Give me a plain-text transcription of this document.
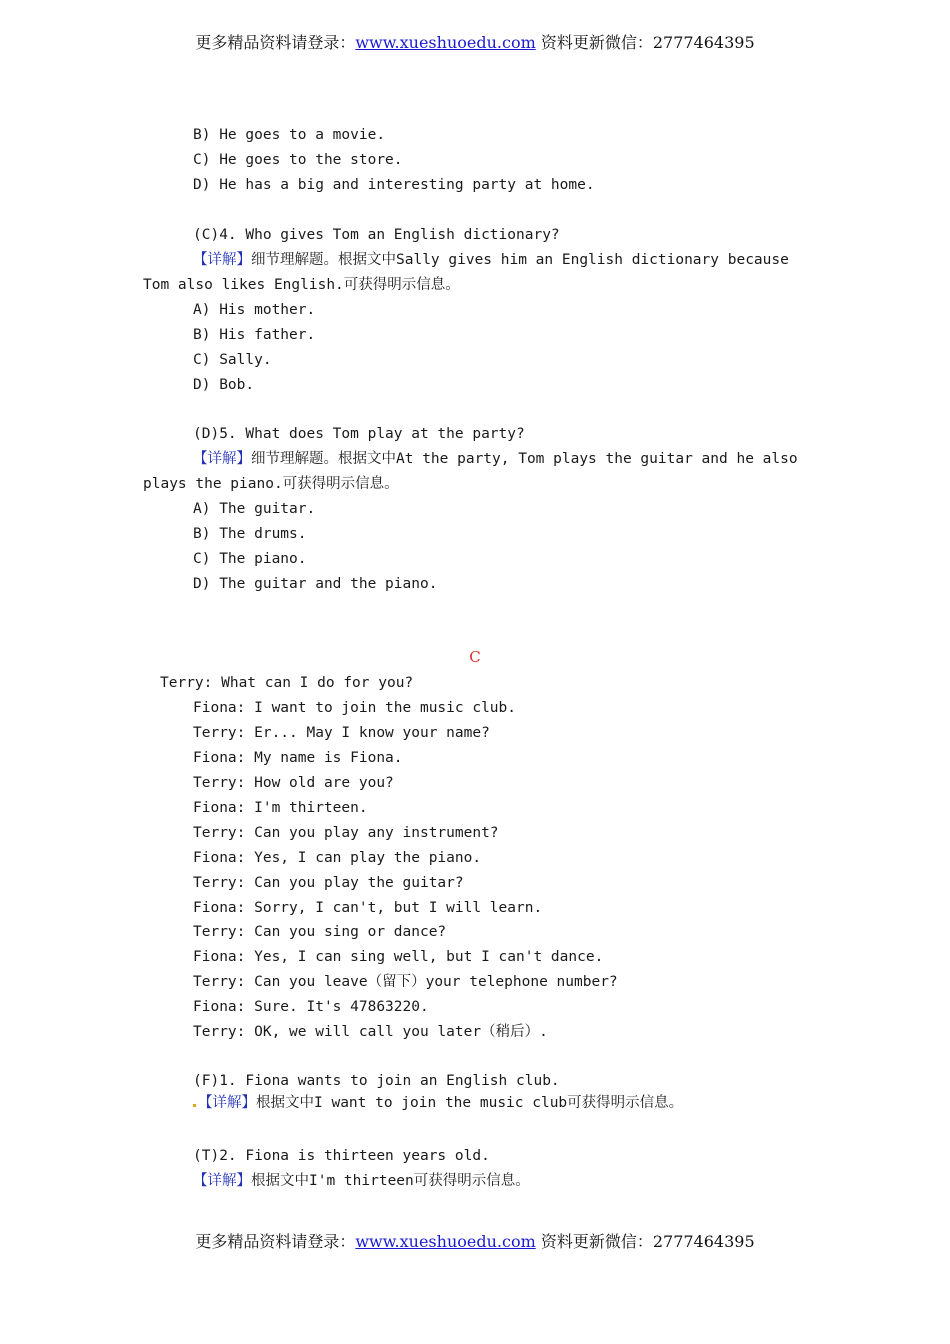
更多精品资料请登录：www.xueshuoedu.com 资料更新微信：2777464395
B) He goes to a movie.
C) He goes to the store.
D) He has a big and interesting party at home.
(C)4. Who gives Tom an English dictionary?
【详解】细节理解题。根据文中Sally gives him an English dictionary because
Tom also likes English.可获得明示信息。
A) His mother.
B) His father.
C) Sally.
D) Bob.
(D)5. What does Tom play at the party?
【详解】细节理解题。根据文中At the party, Tom plays the guitar and he also
plays the piano.可获得明示信息。
A) The guitar.
B) The drums.
C) The piano.
D) The guitar and the piano.
C
Terry: What can I do for you?
Fiona: I want to join the music club.
Terry: Er... May I know your name?
Fiona: My name is Fiona.
Terry: How old are you?
Fiona: I'm thirteen.
Terry: Can you play any instrument?
Fiona: Yes, I can play the piano.
Terry: Can you play the guitar?
Fiona: Sorry, I can't, but I will learn.
Terry: Can you sing or dance?
Fiona: Yes, I can sing well, but I can't dance.
Terry: Can you leave（留下）your telephone number?
Fiona: Sure. It's 47863220.
Terry: OK, we will call you later（稍后）.
(F)1. Fiona wants to join an English club.
【详解】根据文中I want to join the music club可获得明示信息。
(T)2. Fiona is thirteen years old.
【详解】根据文中I'm thirteen可获得明示信息。
更多精品资料请登录：www.xueshuoedu.com 资料更新微信：2777464395
